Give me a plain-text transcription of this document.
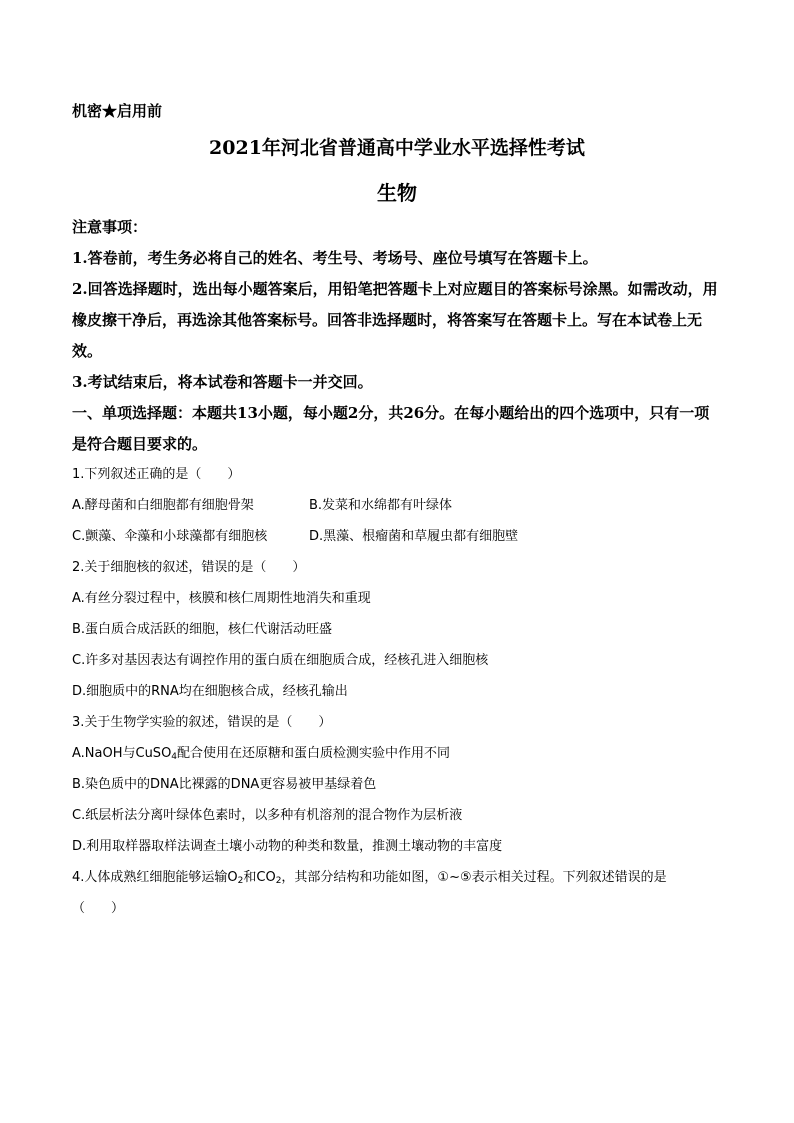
机密★启用前
2021年河北省普通高中学业水平选择性考试
生物
注意事项：
1.答卷前，考生务必将自己的姓名、考生号、考场号、座位号填写在答题卡上。
2.回答选择题时，选出每小题答案后，用铅笔把答题卡上对应题目的答案标号涂黑。如需改动，用橡皮擦干净后，再选涂其他答案标号。回答非选择题时，将答案写在答题卡上。写在本试卷上无效。
3.考试结束后，将本试卷和答题卡一并交回。
一、单项选择题：本题共13小题，每小题2分，共26分。在每小题给出的四个选项中，只有一项是符合题目要求的。
1.下列叙述正确的是（　　）
A.酵母菌和白细胞都有细胞骨架	B.发菜和水绵都有叶绿体
C.颤藻、伞藻和小球藻都有细胞核	D.黑藻、根瘤菌和草履虫都有细胞壁
2.关于细胞核的叙述，错误的是（　　）
A.有丝分裂过程中，核膜和核仁周期性地消失和重现
B.蛋白质合成活跃的细胞，核仁代谢活动旺盛
C.许多对基因表达有调控作用的蛋白质在细胞质合成，经核孔进入细胞核
D.细胞质中的RNA均在细胞核合成，经核孔输出
3.关于生物学实验的叙述，错误的是（　　）
A.NaOH与CuSO$_4$配合使用在还原糖和蛋白质检测实验中作用不同
B.染色质中的DNA比裸露的DNA更容易被甲基绿着色
C.纸层析法分离叶绿体色素时，以多种有机溶剂的混合物作为层析液
D.利用取样器取样法调查土壤小动物的种类和数量，推测土壤动物的丰富度
4.人体成熟红细胞能够运输$O_2$和$CO_2$，其部分结构和功能如图，①~⑤表示相关过程。下列叙述错误的是
（　　）
